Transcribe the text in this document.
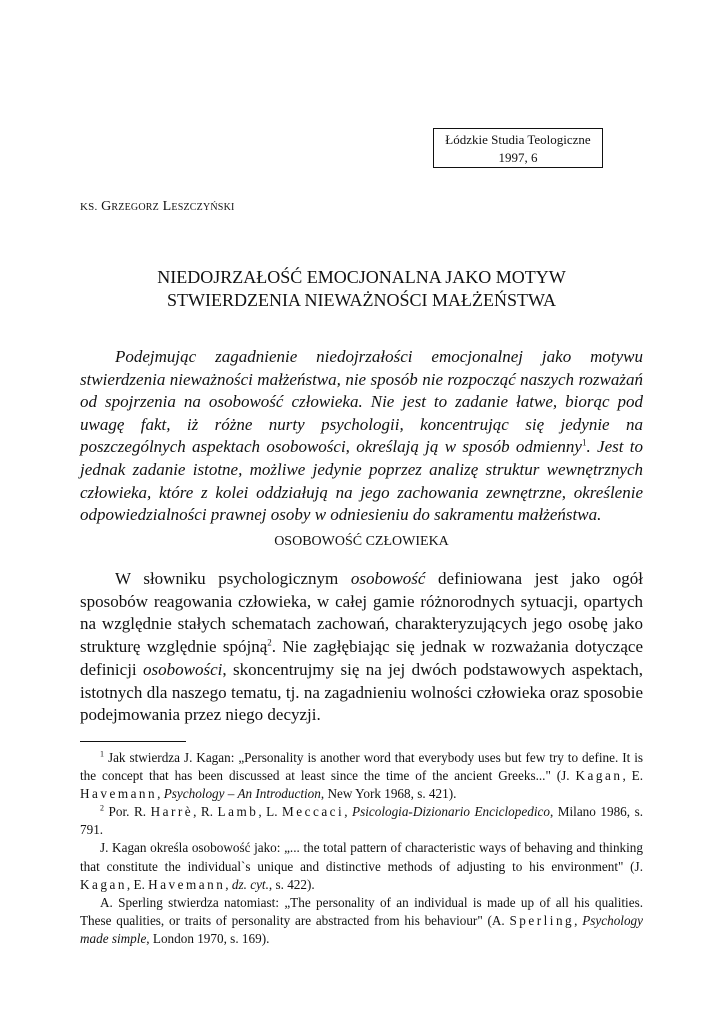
Łódzkie Studia Teologiczne
1997, 6
KS. Grzegorz Leszczyński
NIEDOJRZAŁOŚĆ EMOCJONALNA JAKO MOTYW
STWIERDZENIA NIEWAŻNOŚCI MAŁŻEŃSTWA

Podejmując zagadnienie niedojrzałości emocjonalnej jako motywu stwierdzenia nieważności małżeństwa, nie sposób nie rozpocząć naszych rozważań od spojrzenia na osobowość człowieka. Nie jest to zadanie łatwe, biorąc pod uwagę fakt, iż różne nurty psychologii, koncentrując się jedynie na poszczególnych aspektach osobowości, określają ją w sposób odmienny$^1$. Jest to jednak zadanie istotne, możliwe jedynie poprzez analizę struktur wewnętrznych człowieka, które z kolei oddziałują na jego zachowania zewnętrzne, określenie odpowiedzialności prawnej osoby w odniesieniu do sakramentu małżeństwa.

OSOBOWOŚĆ CZŁOWIEKA

W słowniku psychologicznym osobowość definiowana jest jako ogół sposobów reagowania człowieka, w całej gamie różnorodnych sytuacji, opartych na względnie stałych schematach zachowań, charakteryzujących jego osobę jako strukturę względnie spójną$^2$. Nie zagłębiając się jednak w rozważania dotyczące definicji osobowości, skoncentrujmy się na jej dwóch podstawowych aspektach, istotnych dla naszego tematu, tj. na zagadnieniu wolności człowieka oraz sposobie podejmowania przez niego decyzji.

$^1$ Jak stwierdza J. Kagan: „Personality is another word that everybody uses but few try to define. It is the concept that has been discussed at least since the time of the ancient Greeks..." (J. Kagan, E. Havemann, Psychology – An Introduction, New York 1968, s. 421).

$^2$ Por. R. Harrè, R. Lamb, L. Meccaci, Psicologia-Dizionario Enciclopedico, Milano 1986, s. 791.

J. Kagan określa osobowość jako: „... the total pattern of characteristic ways of behaving and thinking that constitute the individual`s unique and distinctive methods of adjusting to his environment" (J. Kagan, E. Havemann, dz. cyt., s. 422).

A. Sperling stwierdza natomiast: „The personality of an individual is made up of all his qualities. These qualities, or traits of personality are abstracted from his behaviour" (A. Sperling, Psychology made simple, London 1970, s. 169).
